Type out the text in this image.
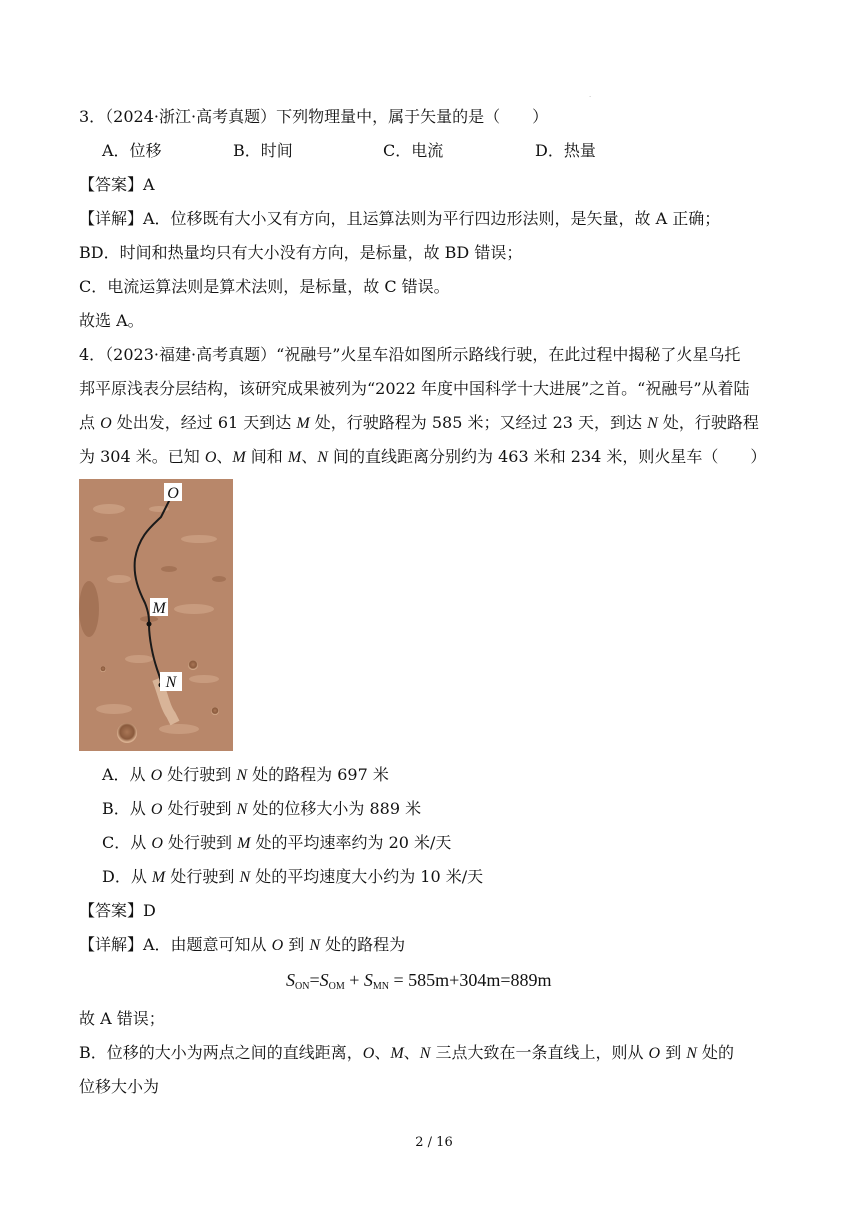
.
3．（2024·浙江·高考真题）下列物理量中，属于矢量的是（　　）
A．位移	B．时间	C．电流	D．热量
【答案】A
【详解】A．位移既有大小又有方向，且运算法则为平行四边形法则，是矢量，故 A 正确；
BD．时间和热量均只有大小没有方向，是标量，故 BD 错误；
C．电流运算法则是算术法则，是标量，故 C 错误。
故选 A。
4．（2023·福建·高考真题）“祝融号”火星车沿如图所示路线行驶，在此过程中揭秘了火星乌托
邦平原浅表分层结构，该研究成果被列为“2022 年度中国科学十大进展”之首。“祝融号”从着陆
点 O 处出发，经过 61 天到达 M 处，行驶路程为 585 米；又经过 23 天，到达 N 处，行驶路程
为 304 米。已知 O、M 间和 M、N 间的直线距离分别约为 463 米和 234 米，则火星车（　　）
O
M
N
A．从 O 处行驶到 N 处的路程为 697 米
B．从 O 处行驶到 N 处的位移大小为 889 米
C．从 O 处行驶到 M 处的平均速率约为 20 米/天
D．从 M 处行驶到 N 处的平均速度大小约为 10 米/天
【答案】D
【详解】A．由题意可知从 O 到 N 处的路程为
$S_{ON}=S_{OM} + S_{MN} = 585m+304m=889m$
故 A 错误；
B．位移的大小为两点之间的直线距离，O、M、N 三点大致在一条直线上，则从 O 到 N 处的
位移大小为
2 / 16
